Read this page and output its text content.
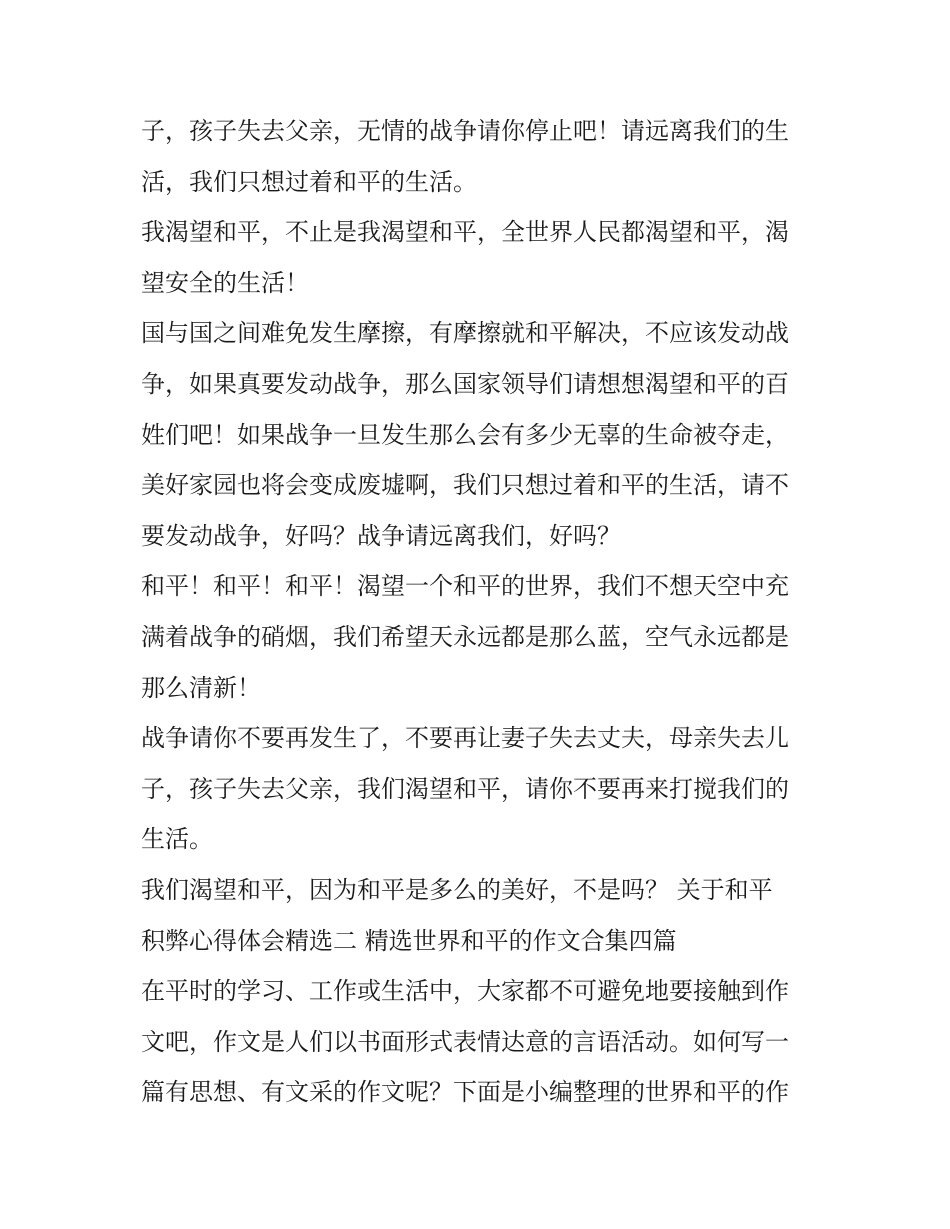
子，孩子失去父亲，无情的战争请你停止吧！请远离我们的生
活，我们只想过着和平的生活。
我渴望和平，不止是我渴望和平，全世界人民都渴望和平，渴
望安全的生活！
国与国之间难免发生摩擦，有摩擦就和平解决，不应该发动战
争，如果真要发动战争，那么国家领导们请想想渴望和平的百
姓们吧！如果战争一旦发生那么会有多少无辜的生命被夺走，
美好家园也将会变成废墟啊，我们只想过着和平的生活，请不
要发动战争，好吗？战争请远离我们，好吗？
和平！和平！和平！渴望一个和平的世界，我们不想天空中充
满着战争的硝烟，我们希望天永远都是那么蓝，空气永远都是
那么清新！
战争请你不要再发生了，不要再让妻子失去丈夫，母亲失去儿
子，孩子失去父亲，我们渴望和平，请你不要再来打搅我们的
生活。
我们渴望和平，因为和平是多么的美好，不是吗？ 关于和平
积弊心得体会精选二 精选世界和平的作文合集四篇
在平时的学习、工作或生活中，大家都不可避免地要接触到作
文吧，作文是人们以书面形式表情达意的言语活动。如何写一
篇有思想、有文采的作文呢？下面是小编整理的世界和平的作
